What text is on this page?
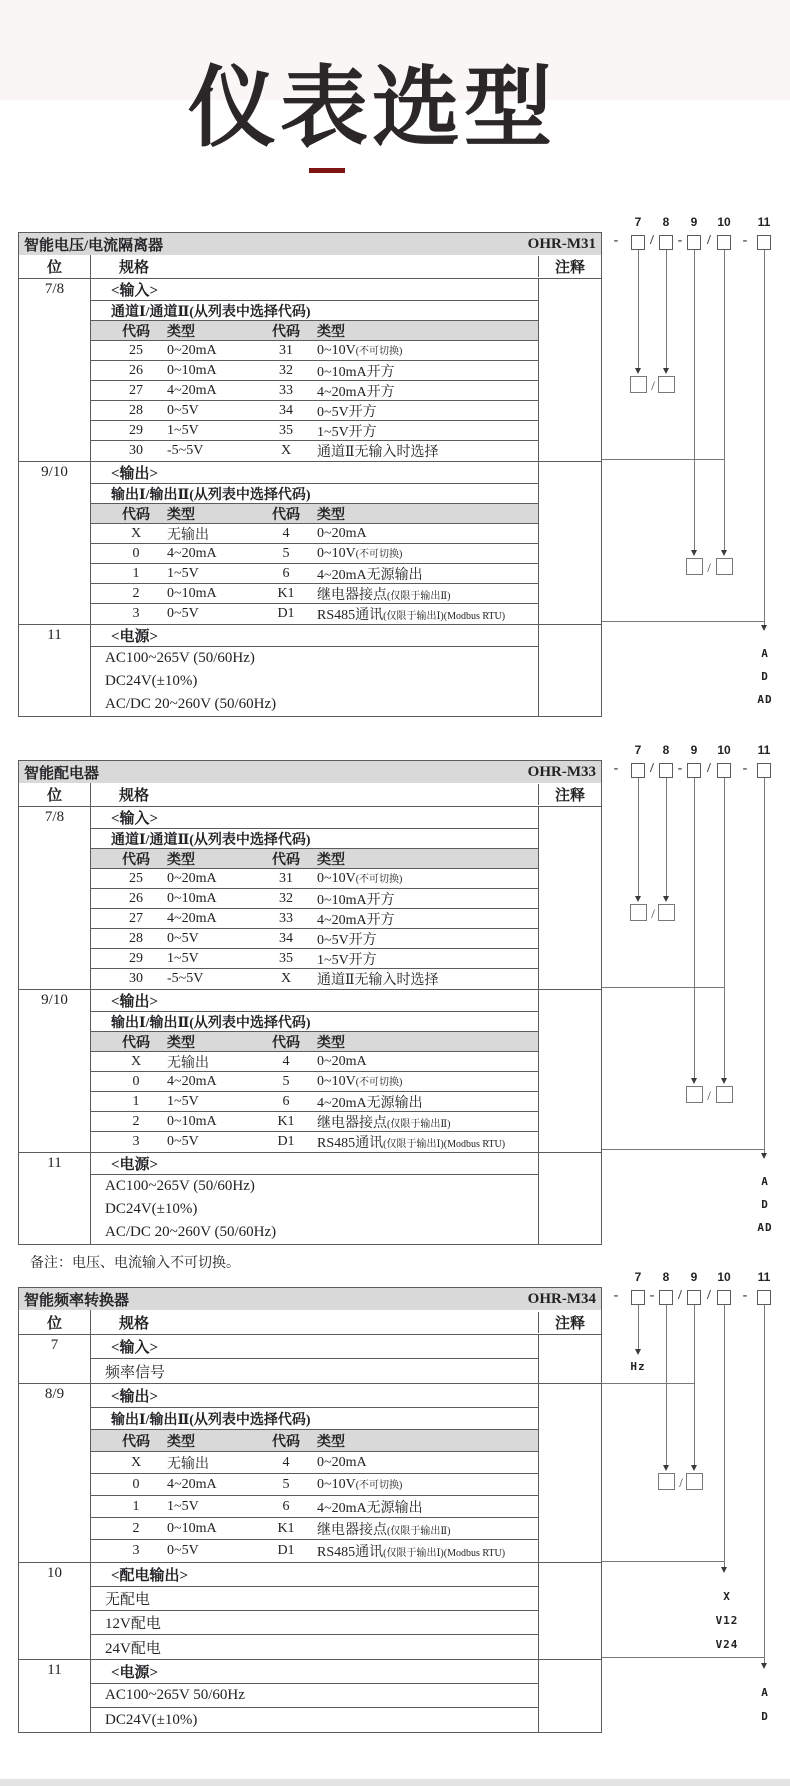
仪表选型
备注：电压、电流输入不可切换。
智能电压/电流隔离器	OHR-M31
位	规格	注释
7/8	<输入>
通道Ⅰ/通道Ⅱ(从列表中选择代码)
代码	类型	代码	类型
25	0~20mA	31	0~10V(不可切换)
26	0~10mA	32	0~10mA开方
27	4~20mA	33	4~20mA开方
28	0~5V	34	0~5V开方
29	1~5V	35	1~5V开方
30	-5~5V	X	通道Ⅱ无输入时选择
9/10	<输出>
输出Ⅰ/输出Ⅱ(从列表中选择代码)
代码	类型	代码	类型
X	无输出	4	0~20mA
0	4~20mA	5	0~10V(不可切换)
1	1~5V	6	4~20mA无源输出
2	0~10mA	K1	继电器接点(仅限于输出Ⅱ)
3	0~5V	D1	RS485通讯(仅限于输出Ⅰ)(Modbus RTU)
11	<电源>
AC100~265V (50/60Hz)
DC24V(±10%)
AC/DC 20~260V (50/60Hz)
7	8	9	10	11
- / - / -
/
/
A
D
AD
智能配电器	OHR-M33
位	规格	注释
7/8	<输入>
通道Ⅰ/通道Ⅱ(从列表中选择代码)
代码	类型	代码	类型
25	0~20mA	31	0~10V(不可切换)
26	0~10mA	32	0~10mA开方
27	4~20mA	33	4~20mA开方
28	0~5V	34	0~5V开方
29	1~5V	35	1~5V开方
30	-5~5V	X	通道Ⅱ无输入时选择
9/10	<输出>
输出Ⅰ/输出Ⅱ(从列表中选择代码)
代码	类型	代码	类型
X	无输出	4	0~20mA
0	4~20mA	5	0~10V(不可切换)
1	1~5V	6	4~20mA无源输出
2	0~10mA	K1	继电器接点(仅限于输出Ⅱ)
3	0~5V	D1	RS485通讯(仅限于输出Ⅰ)(Modbus RTU)
11	<电源>
AC100~265V (50/60Hz)
DC24V(±10%)
AC/DC 20~260V (50/60Hz)
7	8	9	10	11
- / - / -
/
/
A
D
AD
智能频率转换器	OHR-M34
位	规格	注释
7	<输入>
频率信号
8/9	<输出>
输出Ⅰ/输出Ⅱ(从列表中选择代码)
代码	类型	代码	类型
X	无输出	4	0~20mA
0	4~20mA	5	0~10V(不可切换)
1	1~5V	6	4~20mA无源输出
2	0~10mA	K1	继电器接点(仅限于输出Ⅱ)
3	0~5V	D1	RS485通讯(仅限于输出Ⅰ)(Modbus RTU)
10	<配电输出>
无配电
12V配电
24V配电
11	<电源>
AC100~265V 50/60Hz
DC24V(±10%)
7	8	9	10	11
- - / / -
Hz
/
X
V12
V24
A
D
